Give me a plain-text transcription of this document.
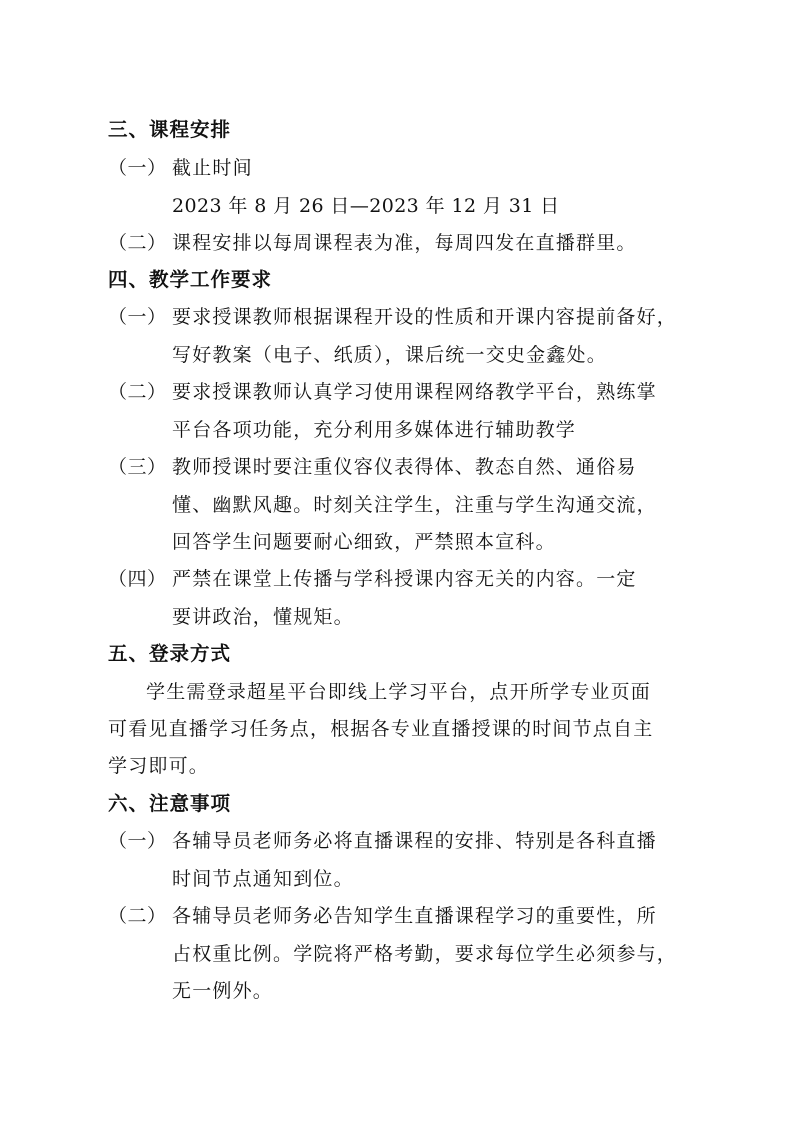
三、课程安排
（一） 截止时间
2023 年 8 月 26 日—2023 年 12 月 31 日
（二） 课程安排以每周课程表为准，每周四发在直播群里。
四、教学工作要求
（一） 要求授课教师根据课程开设的性质和开课内容提前备好，
写好教案（电子、纸质），课后统一交史金鑫处。
（二） 要求授课教师认真学习使用课程网络教学平台，熟练掌
平台各项功能，充分利用多媒体进行辅助教学
（三） 教师授课时要注重仪容仪表得体、教态自然、通俗易
懂、幽默风趣。时刻关注学生，注重与学生沟通交流，
回答学生问题要耐心细致，严禁照本宣科。
（四） 严禁在课堂上传播与学科授课内容无关的内容。一定
要讲政治，懂规矩。
五、登录方式
学生需登录超星平台即线上学习平台，点开所学专业页面
可看见直播学习任务点，根据各专业直播授课的时间节点自主
学习即可。
六、注意事项
（一） 各辅导员老师务必将直播课程的安排、特别是各科直播
时间节点通知到位。
（二） 各辅导员老师务必告知学生直播课程学习的重要性，所
占权重比例。学院将严格考勤，要求每位学生必须参与，
无一例外。
